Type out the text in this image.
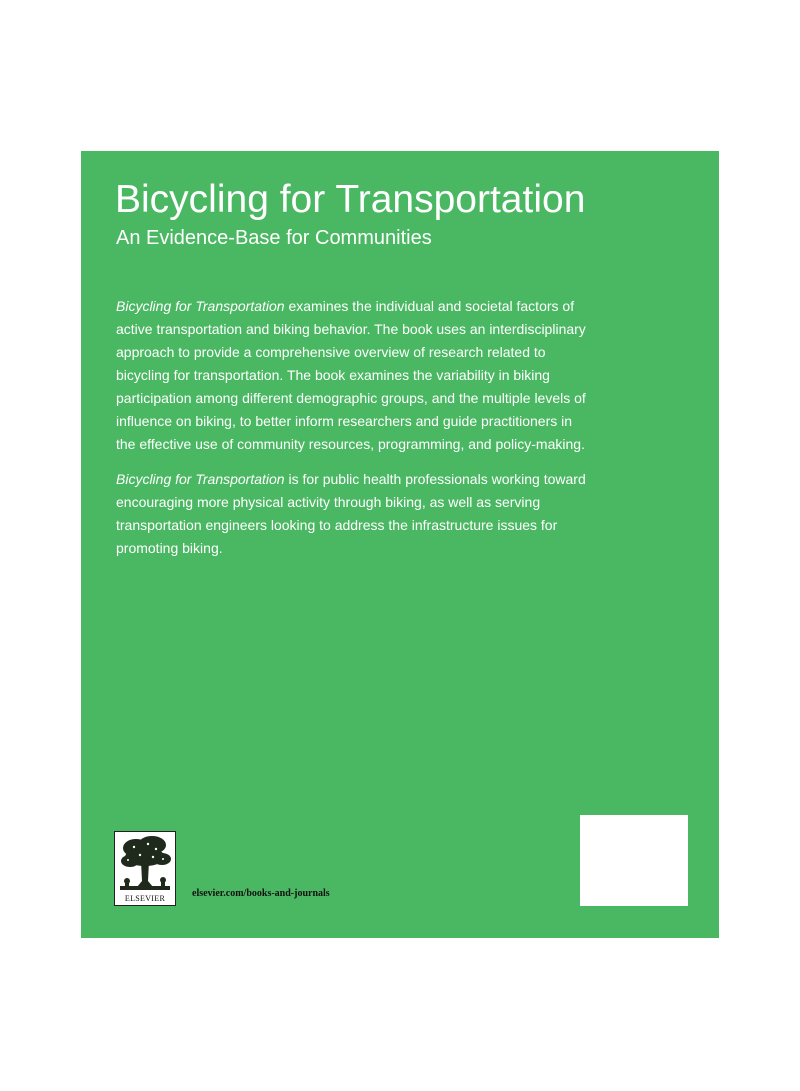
Bicycling for Transportation
An Evidence-Base for Communities

Bicycling for Transportation examines the individual and societal factors of active transportation and biking behavior. The book uses an interdisciplinary approach to provide a comprehensive overview of research related to bicycling for transportation. The book examines the variability in biking participation among different demographic groups, and the multiple levels of influence on biking, to better inform researchers and guide practitioners in the effective use of community resources, programming, and policy-making.

Bicycling for Transportation is for public health professionals working toward encouraging more physical activity through biking, as well as serving transportation engineers looking to address the infrastructure issues for promoting biking.

ELSEVIER	elsevier.com/books-and-journals
